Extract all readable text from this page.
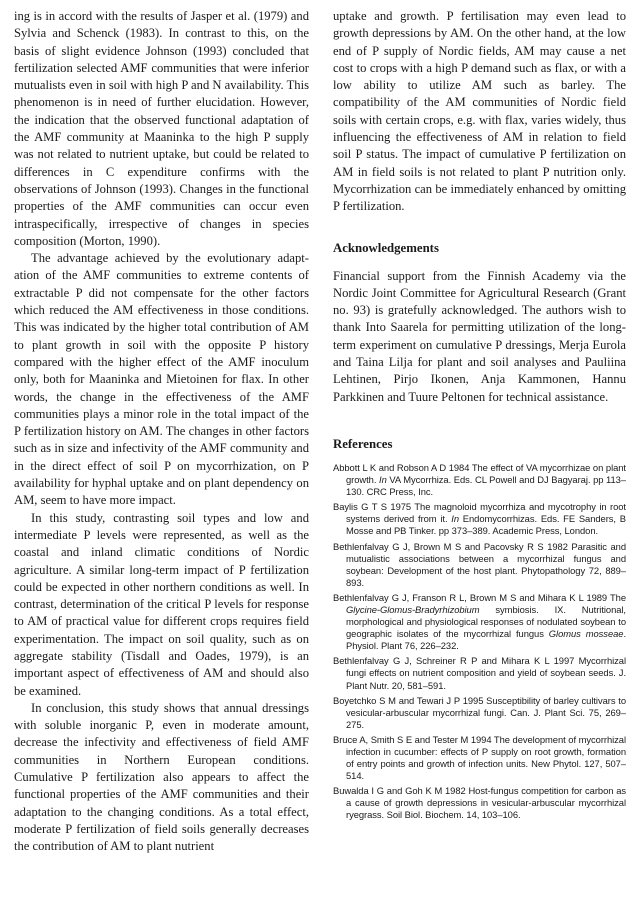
ing is in accord with the results of Jasper et al. (1979) and Sylvia and Schenck (1983). In contrast to this, on the basis of slight evidence Johnson (1993) concluded that fertilization selected AMF communities that were inferior mutualists even in soil with high P and N availability. This phenomenon is in need of further elucidation. However, the indication that the observed functional adaptation of the AMF community at Maaninka to the high P supply was not related to nutrient uptake, but could be related to differences in C expenditure confirms with the observations of Johnson (1993). Changes in the functional properties of the AMF communities can occur even intraspecifically, irrespective of changes in species composition (Morton, 1990).

The advantage achieved by the evolutionary adaptation of the AMF communities to extreme contents of extractable P did not compensate for the other factors which reduced the AM effectiveness in those conditions. This was indicated by the higher total contribution of AM to plant growth in soil with the opposite P history compared with the higher effect of the AMF inoculum only, both for Maaninka and Mietoinen for flax. In other words, the change in the effectiveness of the AMF communities plays a minor role in the total impact of the P fertilization history on AM. The changes in other factors such as in size and infectivity of the AMF community and in the direct effect of soil P on mycorrhization, on P availability for hyphal uptake and on plant dependency on AM, seem to have more impact.

In this study, contrasting soil types and low and intermediate P levels were represented, as well as the coastal and inland climatic conditions of Nordic agriculture. A similar long-term impact of P fertilization could be expected in other northern conditions as well. In contrast, determination of the critical P levels for response to AM of practical value for different crops requires field experimentation. The impact on soil quality, such as on aggregate stability (Tisdall and Oades, 1979), is an important aspect of effectiveness of AM and should also be examined.

In conclusion, this study shows that annual dressings with soluble inorganic P, even in moderate amount, decrease the infectivity and effectiveness of field AMF communities in Northern European conditions. Cumulative P fertilization also appears to affect the functional properties of the AMF communities and their adaptation to the changing conditions. As a total effect, moderate P fertilization of field soils generally decreases the contribution of AM to plant nutrient

uptake and growth. P fertilisation may even lead to growth depressions by AM. On the other hand, at the low end of P supply of Nordic fields, AM may cause a net cost to crops with a high P demand such as flax, or with a low ability to utilize AM such as barley. The compatibility of the AM communities of Nordic field soils with certain crops, e.g. with flax, varies widely, thus influencing the effectiveness of AM in relation to field soil P status. The impact of cumulative P fertilization on AM in field soils is not related to plant P nutrition only. Mycorrhization can be immediately enhanced by omitting P fertilization.

Acknowledgements

Financial support from the Finnish Academy via the Nordic Joint Committee for Agricultural Research (Grant no. 93) is gratefully acknowledged. The authors wish to thank Into Saarela for permitting utilization of the long-term experiment on cumulative P dressings, Merja Eurola and Taina Lilja for plant and soil analyses and Pauliina Lehtinen, Pirjo Ikonen, Anja Kammonen, Hannu Parkkinen and Tuure Peltonen for technical assistance.

References
Abbott L K and Robson A D 1984 The effect of VA mycorrhizae on plant growth. In VA Mycorrhiza. Eds. CL Powell and DJ Bagyaraj. pp 113–130. CRC Press, Inc.
Baylis G T S 1975 The magnoloid mycorrhiza and mycotrophy in root systems derived from it. In Endomycorrhizas. Eds. FE Sanders, B Mosse and PB Tinker. pp 373–389. Academic Press, London.
Bethlenfalvay G J, Brown M S and Pacovsky R S 1982 Parasitic and mutualistic associations between a mycorrhizal fungus and soybean: Development of the host plant. Phytopathology 72, 889–893.
Bethlenfalvay G J, Franson R L, Brown M S and Mihara K L 1989 The Glycine-Glomus-Bradyrhizobium symbiosis. IX. Nutritional, morphological and physiological responses of nodulated soybean to geographic isolates of the mycorrhizal fungus Glomus mosseae. Physiol. Plant 76, 226–232.
Bethlenfalvay G J, Schreiner R P and Mihara K L 1997 Mycorrhizal fungi effects on nutrient composition and yield of soybean seeds. J. Plant Nutr. 20, 581–591.
Boyetchko S M and Tewari J P 1995 Susceptibility of barley cultivars to vesicular-arbuscular mycorrhizal fungi. Can. J. Plant Sci. 75, 269–275.
Bruce A, Smith S E and Tester M 1994 The development of mycorrhizal infection in cucumber: effects of P supply on root growth, formation of entry points and growth of infection units. New Phytol. 127, 507–514.
Buwalda I G and Goh K M 1982 Host-fungus competition for carbon as a cause of growth depressions in vesicular-arbuscular mycorrhizal ryegrass. Soil Biol. Biochem. 14, 103–106.
